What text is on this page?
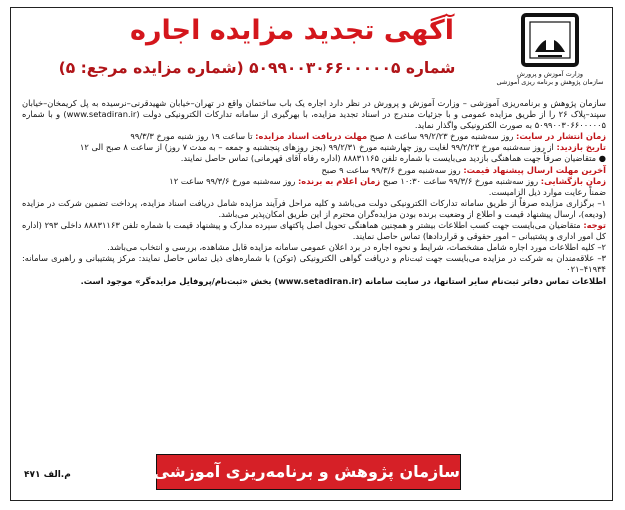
وزارت آموزش و پرورش
سازمان پژوهش و برنامه ریزی آموزشی
آگهی تجدید مزایده اجاره
شماره ۵۰۹۹۰۰۳۰۶۶۰۰۰۰۰۵ (شماره مزایده مرجع: ۵)

سازمان پژوهش و برنامه‌ریزی آموزشی – وزارت آموزش و پرورش در نظر دارد اجاره یک باب ساختمان واقع در تهران–خیابان شهیدقرنی–نرسیده به پل کریمخان–خیابان سپند–پلاک ۲۶ را از طریق مزایده عمومی و با جزئیات مندرج در اسناد تجدید مزایده، با بهرگیری از سامانه تدارکات الکترونیکی دولت (www.setadiran.ir) و با شماره ۵۰۹۹۰۰۳۰۶۶۰۰۰۰۰۵ به صورت الکترونیکی واگذار نماید.

زمان انتشار در سایت: روز سه‌شنبه مورخ ۹۹/۲/۲۳ ساعت ۸ صبح مهلت دریافت اسناد مزایده: تا ساعت ۱۹ روز شنبه مورخ ۹۹/۳/۳

تاریخ بازدید: از روز سه‌شنبه مورخ ۹۹/۲/۲۳ لغایت روز چهارشنبه مورخ ۹۹/۲/۳۱ (بجز روزهای پنجشنبه و جمعه – به مدت ۷ روز) از ساعت ۸ صبح الی ۱۲

● متقاضیان صرفاً جهت هماهنگی بازدید می‌بایست با شماره تلفن ۸۸۸۳۱۱۶۵ (اداره رفاه آقای قهرمانی) تماس حاصل نمایند.

آخرین مهلت ارسال پیشنهاد قیمت: روز سه‌شنبه مورخ ۹۹/۳/۶ ساعت ۹ صبح

زمان بازگشایی: روز سه‌شنبه مورخ ۹۹/۳/۶ ساعت ۱۰:۳۰ صبح زمان اعلام به برنده: روز سه‌شنبه مورخ ۹۹/۳/۶ ساعت ۱۲

ضمناً رعایت موارد ذیل الزامیست.

۱– برگزاری مزایده صرفاً از طریق سامانه تدارکات الکترونیکی دولت می‌باشد و کلیه مراحل فرآیند مزایده شامل دریافت اسناد مزایده، پرداخت تضمین شرکت در مزایده (ودیعه)، ارسال پیشنهاد قیمت و اطلاع از وضعیت برنده بودن مزایده‌گران محترم از این طریق امکان‌پذیر می‌باشد.

توجه: متقاضیان می‌بایست جهت کسب اطلاعات بیشتر و همچنین هماهنگی تحویل اصل پاکتهای سپرده مدارک و پیشنهاد قیمت با شماره تلفن ۸۸۸۳۱۱۶۳ داخلی ۲۹۳ (اداره کل امور اداری و پشتیبانی – امور حقوقی و قراردادها) تماس حاصل نمایند.

۲– کلیه اطلاعات مورد اجاره شامل مشخصات، شرایط و نحوه اجاره در برد اعلان عمومی سامانه مزایده قابل مشاهده، بررسی و انتخاب می‌باشد.

۳– علاقه‌مندان به شرکت در مزایده می‌بایست جهت ثبت‌نام و دریافت گواهی الکترونیکی (توکن) با شماره‌های ذیل تماس حاصل نمایند: مرکز پشتیبانی و راهبری سامانه: ۴۱۹۳۴–۰۲۱

اطلاعات تماس دفاتر ثبت‌نام سایر استانها، در سایت سامانه (www.setadiran.ir) بخش «ثبت‌نام/پروفایل مزایده‌گر» موجود است.

م.الف ۴۷۱	سازمان پژوهش و برنامه‌ریزی آموزشی
